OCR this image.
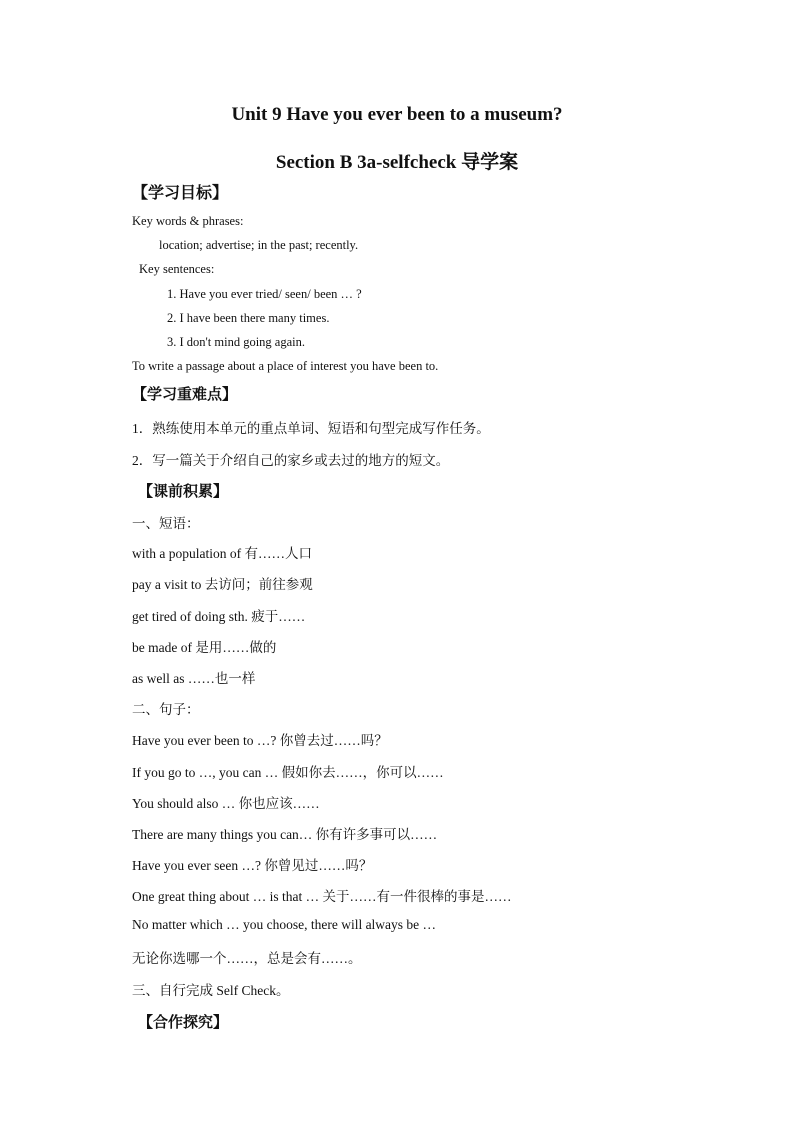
Unit 9 Have you ever been to a museum?
Section B 3a-selfcheck 导学案
【学习目标】
Key words & phrases:
location; advertise; in the past; recently.
Key sentences:
1. Have you ever tried/ seen/ been … ?
2. I have been there many times.
3. I don't mind going again.
To write a passage about a place of interest you have been to.
【学习重难点】
1．熟练使用本单元的重点单词、短语和句型完成写作任务。
2．写一篇关于介绍自己的家乡或去过的地方的短文。
【课前积累】
一、短语：
with a population of 有……人口
pay a visit to 去访问；前往参观
get tired of doing sth. 疲于……
be made of 是用……做的
as well as ……也一样
二、句子：
Have you ever been to …? 你曾去过……吗？
If you go to …, you can … 假如你去……，你可以……
You should also … 你也应该……
There are many things you can… 你有许多事可以……
Have you ever seen …? 你曾见过……吗？
One great thing about … is that … 关于……有一件很棒的事是……
No matter which … you choose, there will always be …
无论你选哪一个……，总是会有……。
三、自行完成 Self Check。
【合作探究】
